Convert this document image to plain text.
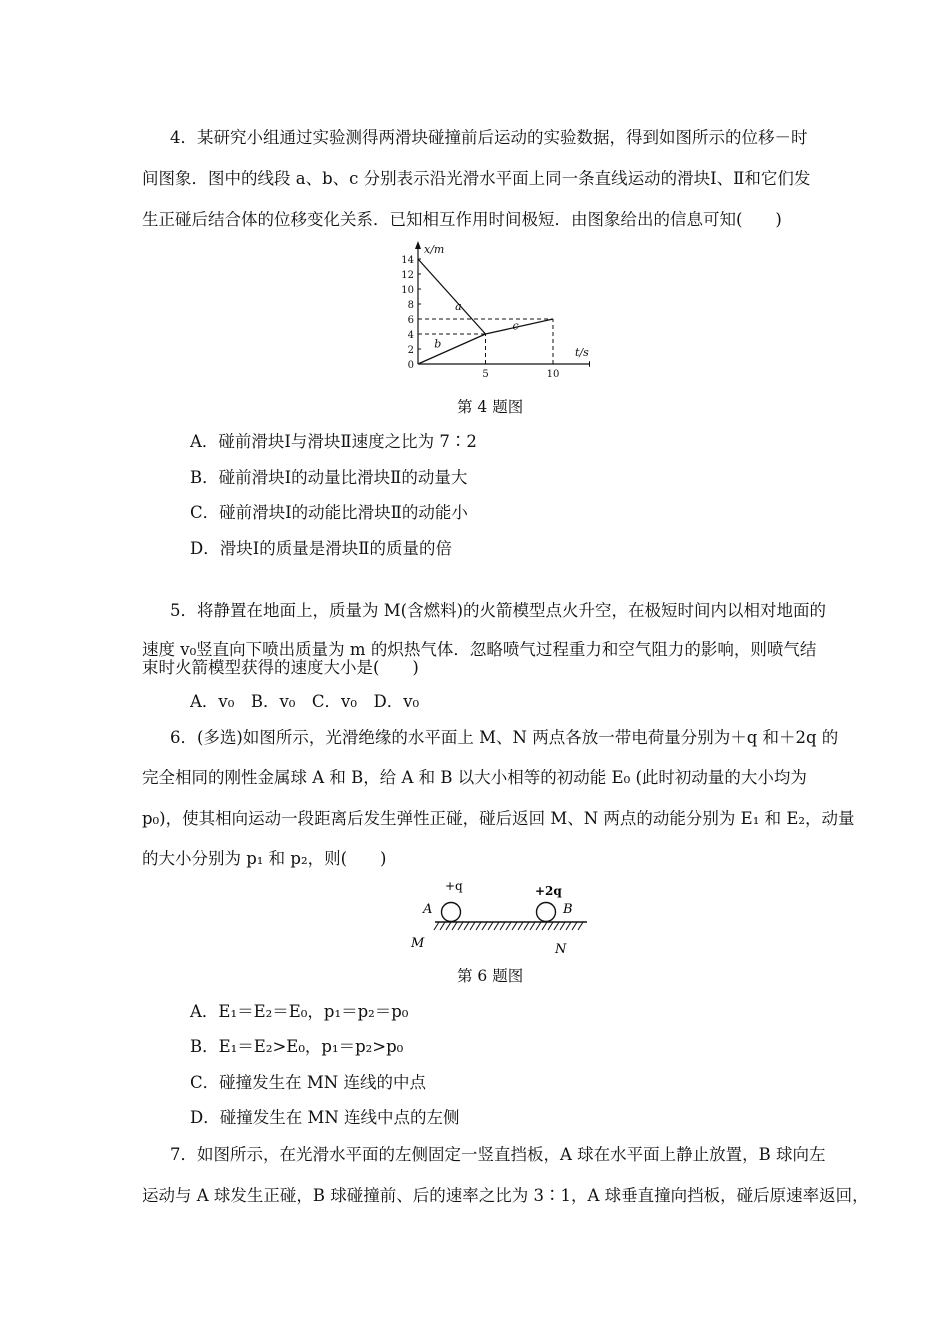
4．某研究小组通过实验测得两滑块碰撞前后运动的实验数据，得到如图所示的位移－时
间图象．图中的线段 a、b、c 分别表示沿光滑水平面上同一条直线运动的滑块Ⅰ、Ⅱ和它们发
生正碰后结合体的位移变化关系．已知相互作用时间极短．由图象给出的信息可知(　　)
x/m
t/s
0
2
4
6
8
10
12
14
5	10
a
b
c
第 4 题图
A．碰前滑块Ⅰ与滑块Ⅱ速度之比为 7∶2
B．碰前滑块Ⅰ的动量比滑块Ⅱ的动量大
C．碰前滑块Ⅰ的动能比滑块Ⅱ的动能小
D．滑块Ⅰ的质量是滑块Ⅱ的质量的倍
5．将静置在地面上，质量为 M(含燃料)的火箭模型点火升空，在极短时间内以相对地面的
速度 v₀竖直向下喷出质量为 m 的炽热气体．忽略喷气过程重力和空气阻力的影响，则喷气结
束时火箭模型获得的速度大小是(　　)
A．v₀　B．v₀　C．v₀　D．v₀
6．(多选)如图所示，光滑绝缘的水平面上 M、N 两点各放一带电荷量分别为＋q 和＋2q 的
完全相同的刚性金属球 A 和 B，给 A 和 B 以大小相等的初动能 E₀ (此时初动量的大小均为
p₀)，使其相向运动一段距离后发生弹性正碰，碰后返回 M、N 两点的动能分别为 E₁ 和 E₂，动量
的大小分别为 p₁ 和 p₂，则(　　)
+q	+2q
A	B
M	N
第 6 题图
A．E₁＝E₂＝E₀，p₁＝p₂＝p₀
B．E₁＝E₂>E₀，p₁＝p₂>p₀
C．碰撞发生在 MN 连线的中点
D．碰撞发生在 MN 连线中点的左侧
7．如图所示，在光滑水平面的左侧固定一竖直挡板，A 球在水平面上静止放置，B 球向左
运动与 A 球发生正碰，B 球碰撞前、后的速率之比为 3∶1，A 球垂直撞向挡板，碰后原速率返回，
